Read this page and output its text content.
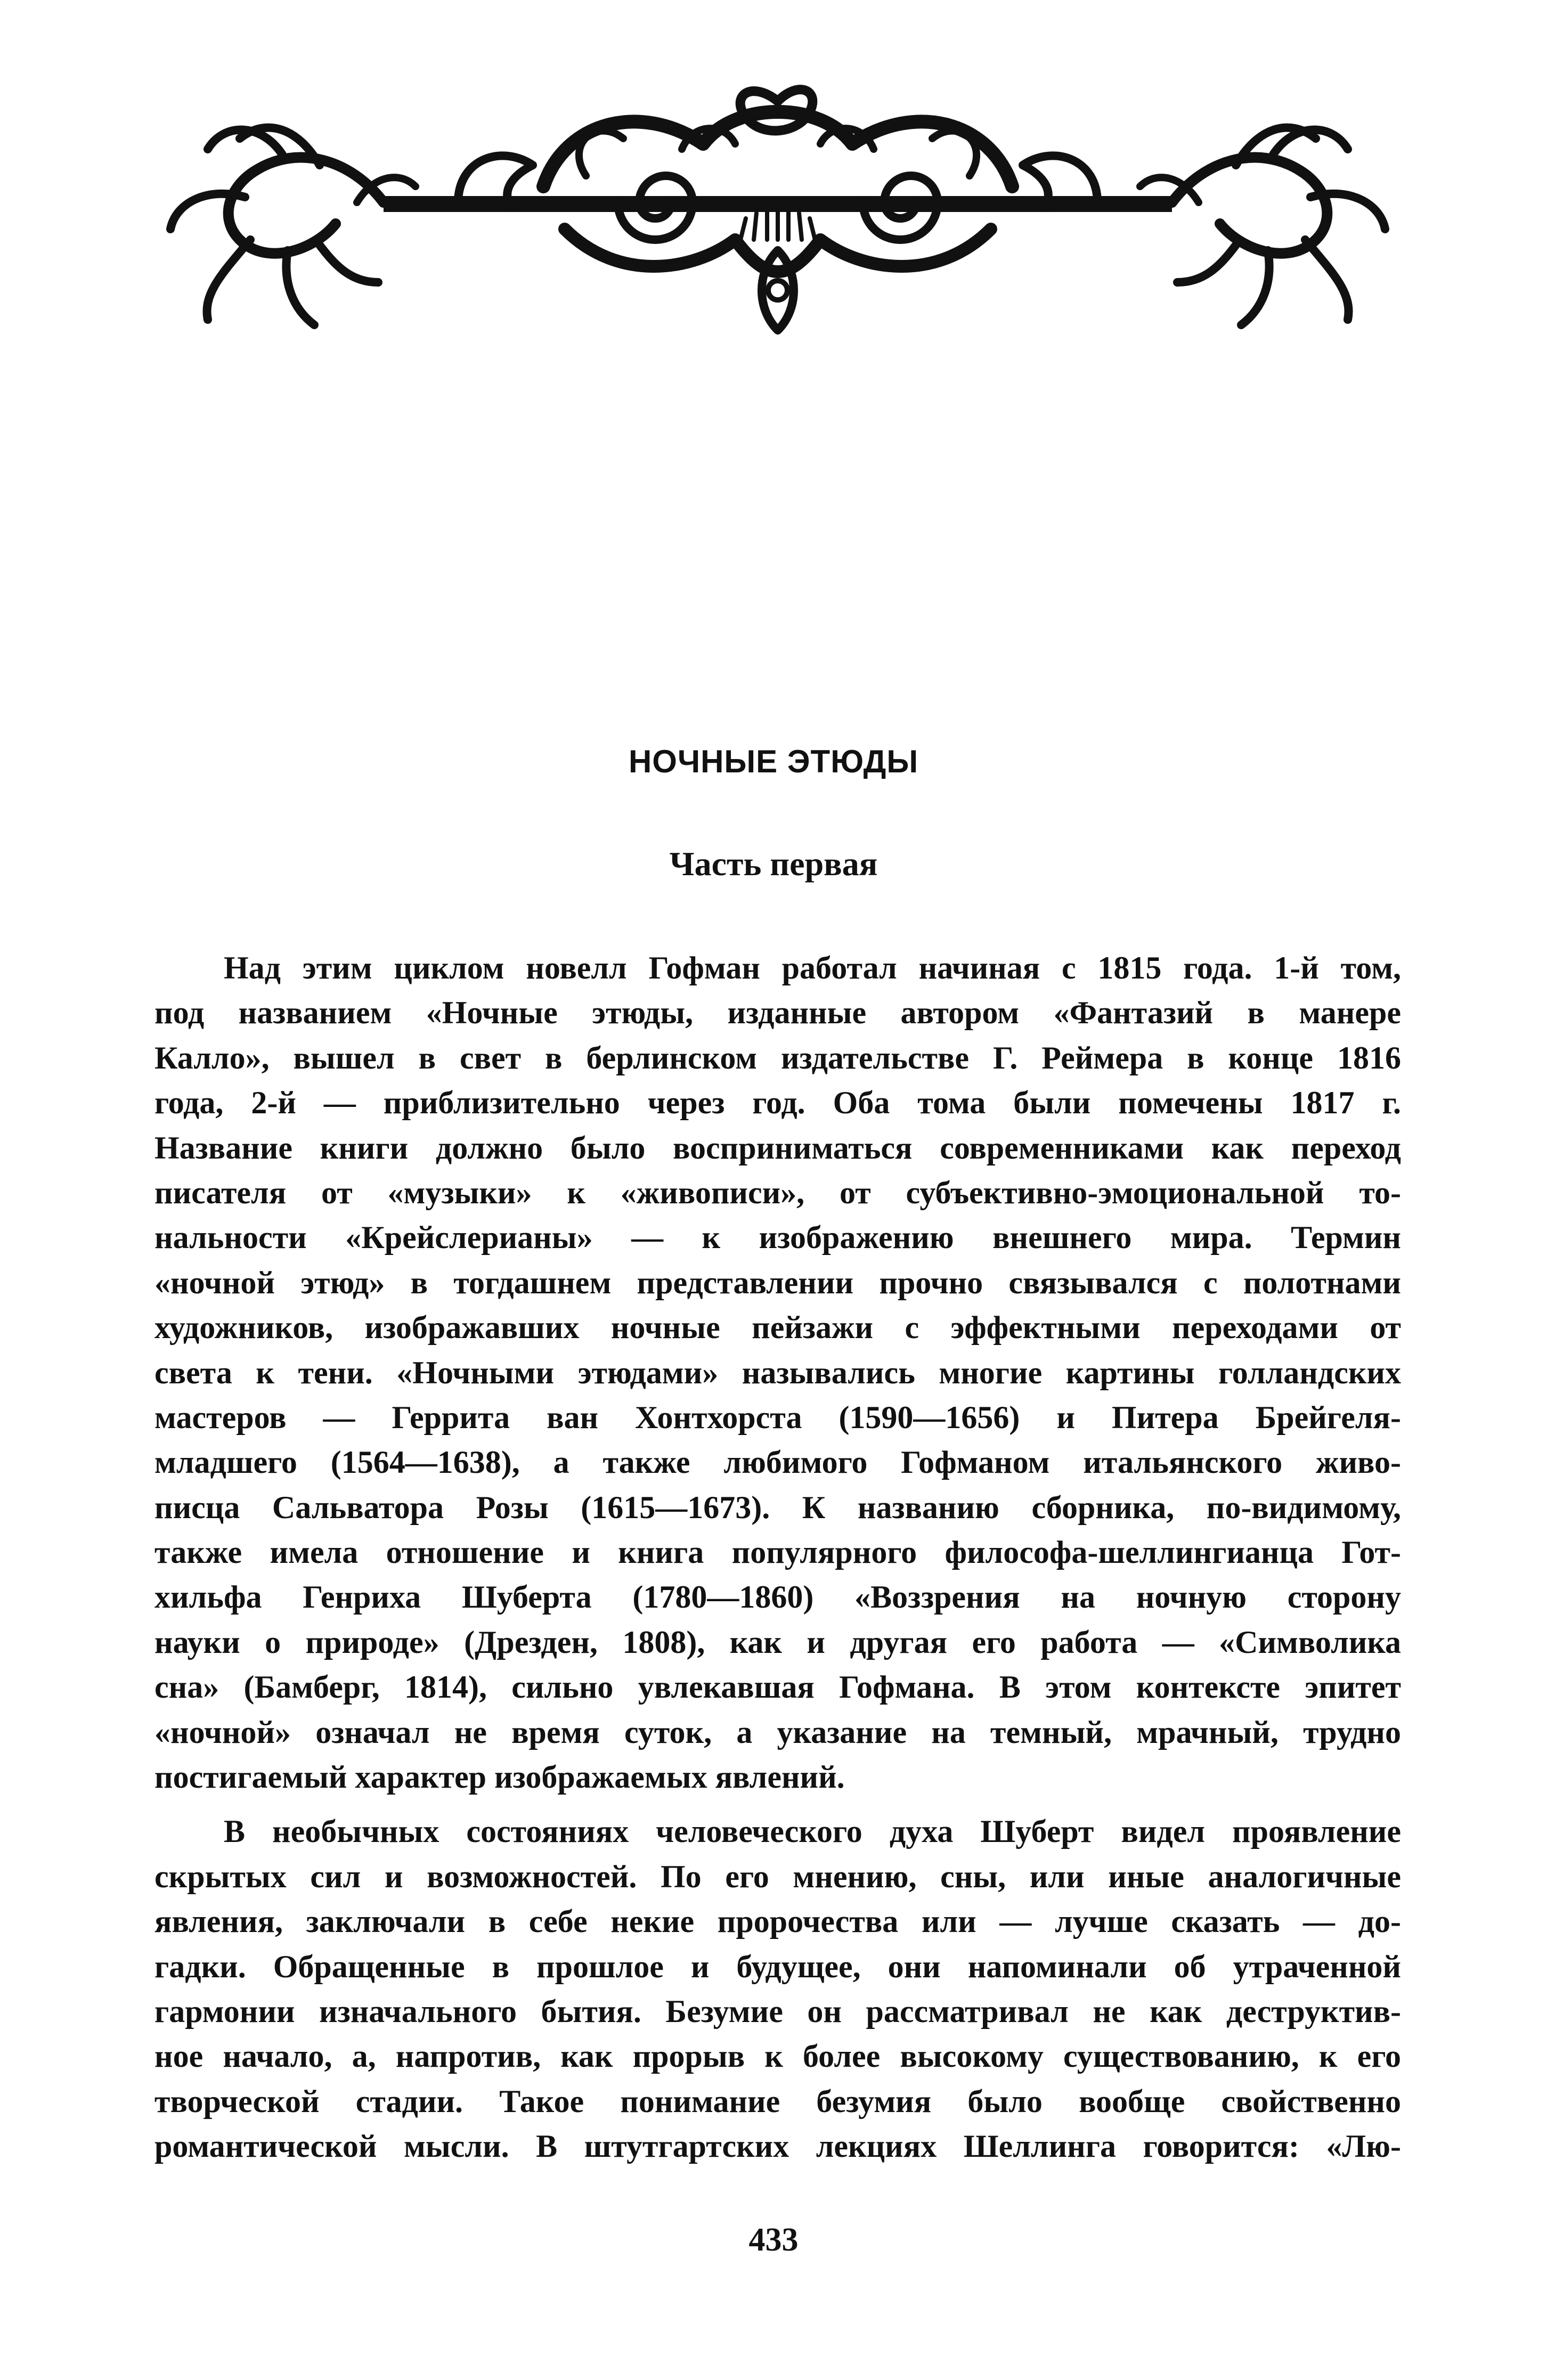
НОЧНЫЕ ЭТЮДЫ
Часть первая
Над этим циклом новелл Гофман работал начиная с 1815 года. 1-й том,
под названием «Ночные этюды, изданные автором «Фантазий в манере
Калло», вышел в свет в берлинском издательстве Г. Реймера в конце 1816
года, 2-й — приблизительно через год. Оба тома были помечены 1817 г.
Название книги должно было восприниматься современниками как переход
писателя от «музыки» к «живописи», от субъективно-эмоциональной то-
нальности «Крейслерианы» — к изображению внешнего мира. Термин
«ночной этюд» в тогдашнем представлении прочно связывался с полотнами
художников, изображавших ночные пейзажи с эффектными переходами от
света к тени. «Ночными этюдами» назывались многие картины голландских
мастеров — Геррита ван Хонтхорста (1590—1656) и Питера Брейгеля-
младшего (1564—1638), а также любимого Гофманом итальянского живо-
писца Сальватора Розы (1615—1673). К названию сборника, по-видимому,
также имела отношение и книга популярного философа-шеллингианца Гот-
хильфа Генриха Шуберта (1780—1860) «Воззрения на ночную сторону
науки о природе» (Дрезден, 1808), как и другая его работа — «Символика
сна» (Бамберг, 1814), сильно увлекавшая Гофмана. В этом контексте эпитет
«ночной» означал не время суток, а указание на темный, мрачный, трудно
постигаемый характер изображаемых явлений.
В необычных состояниях человеческого духа Шуберт видел проявление
скрытых сил и возможностей. По его мнению, сны, или иные аналогичные
явления, заключали в себе некие пророчества или — лучше сказать — до-
гадки. Обращенные в прошлое и будущее, они напоминали об утраченной
гармонии изначального бытия. Безумие он рассматривал не как деструктив-
ное начало, а, напротив, как прорыв к более высокому существованию, к его
творческой стадии. Такое понимание безумия было вообще свойственно
романтической мысли. В штутгартских лекциях Шеллинга говорится: «Лю-
433
